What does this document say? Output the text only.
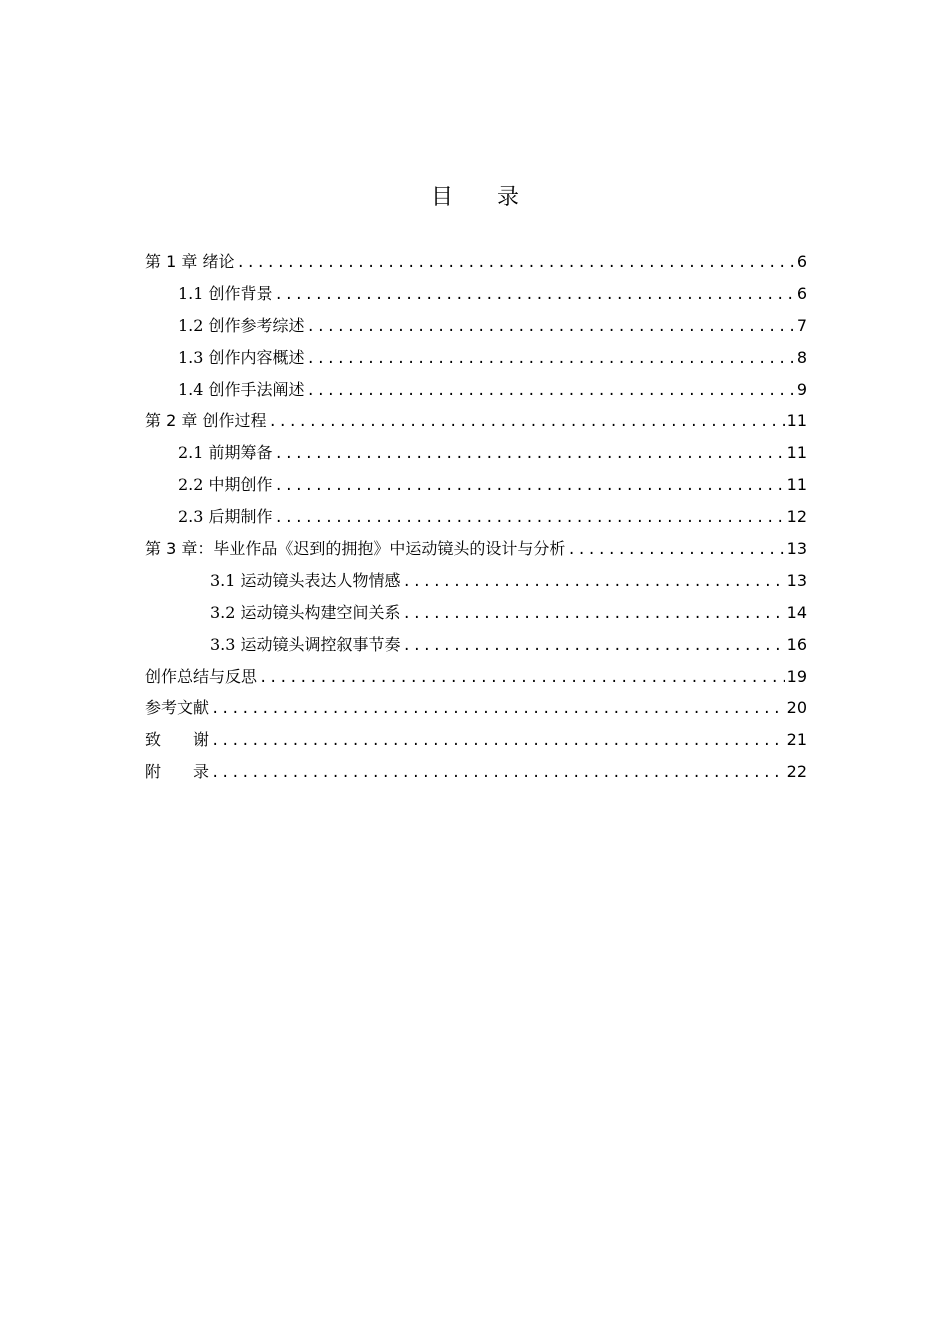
目　　录
第 1 章 绪论 .....	6
1.1 创作背景 .....	6
1.2 创作参考综述 .....	7
1.3 创作内容概述 .....	8
1.4 创作手法阐述 .....	9
第 2 章 创作过程 .....	11
2.1 前期筹备 .....	11
2.2 中期创作 .....	11
2.3 后期制作 .....	12
第 3 章：毕业作品《迟到的拥抱》中运动镜头的设计与分析 .....	13
3.1 运动镜头表达人物情感 .....	13
3.2 运动镜头构建空间关系 .....	14
3.3 运动镜头调控叙事节奏 .....	16
创作总结与反思 .....	19
参考文献 .....	20
致　　谢 .....	21
附　　录 .....	22
